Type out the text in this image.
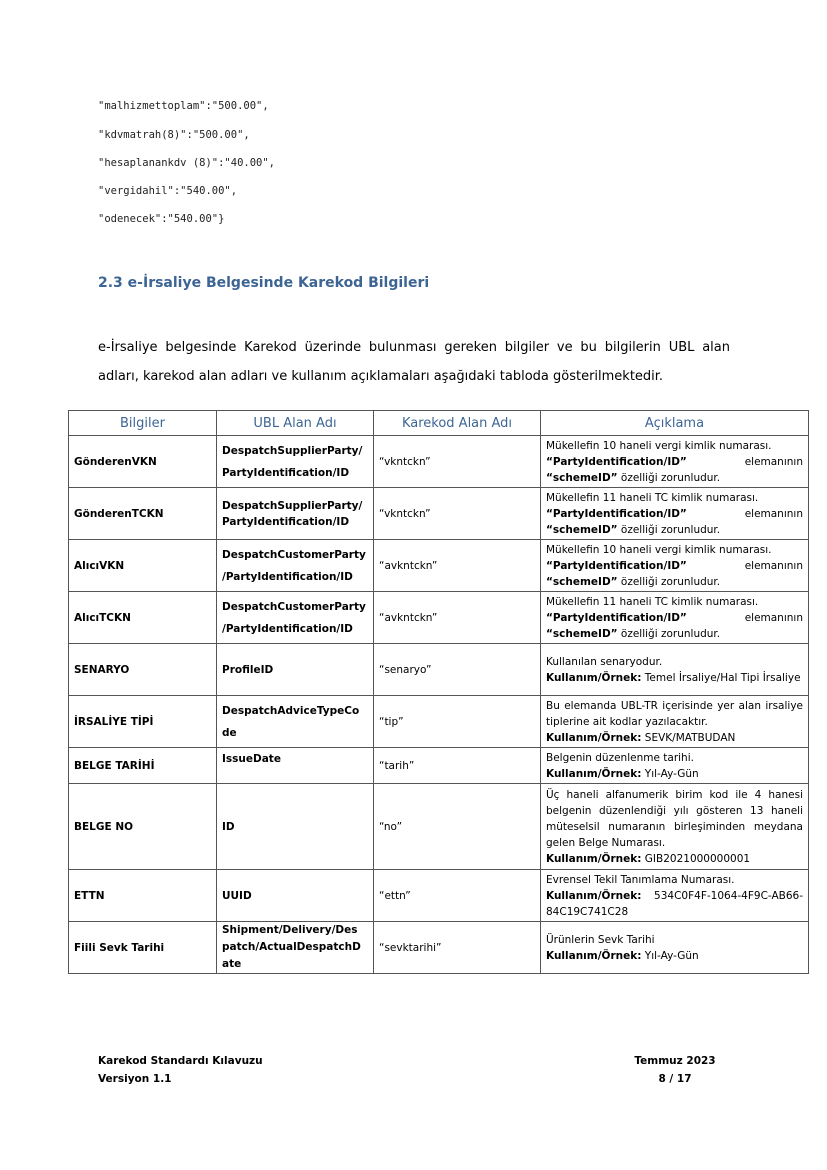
"malhizmettoplam":"500.00",
"kdvmatrah(8)":"500.00",
"hesaplanankdv (8)":"40.00",
"vergidahil":"540.00",
"odenecek":"540.00"}
2.3 e-İrsaliye Belgesinde Karekod Bilgileri
e-İrsaliye belgesinde Karekod üzerinde bulunması gereken bilgiler ve bu bilgilerin UBL alan adları, karekod alan adları ve kullanım açıklamaları aşağıdaki tabloda gösterilmektedir.
Bilgiler	UBL Alan Adı	Karekod Alan Adı	Açıklama
GönderenVKN	DespatchSupplierParty/ PartyIdentification/ID	“vkntckn”	Mükellefin 10 haneli vergi kimlik numarası.
“PartyIdentification/ID” elemanının
“schemeID” özelliği zorunludur.

GönderenTCKN	DespatchSupplierParty/ PartyIdentification/ID	“vkntckn”	Mükellefin 11 haneli TC kimlik numarası.
“PartyIdentification/ID” elemanının
“schemeID” özelliği zorunludur.

AlıcıVKN	DespatchCustomerParty /PartyIdentification/ID	“avkntckn”	Mükellefin 10 haneli vergi kimlik numarası.
“PartyIdentification/ID” elemanının
“schemeID” özelliği zorunludur.

AlıcıTCKN	DespatchCustomerParty /PartyIdentification/ID	“avkntckn”	Mükellefin 11 haneli TC kimlik numarası.
“PartyIdentification/ID” elemanının
“schemeID” özelliği zorunludur.

SENARYO	ProfileID	“senaryo”	Kullanılan senaryodur.
Kullanım/Örnek: Temel İrsaliye/Hal Tipi İrsaliye

İRSALİYE TİPİ	DespatchAdviceTypeCo de	“tip”	Bu elemanda UBL-TR içerisinde yer alan irsaliye tiplerine ait kodlar yazılacaktır.
Kullanım/Örnek: SEVK/MATBUDAN

BELGE TARİHİ	IssueDate	“tarih”	Belgenin düzenlenme tarihi.
Kullanım/Örnek: Yıl-Ay-Gün

BELGE NO	ID	“no”	Üç haneli alfanumerik birim kod ile 4 hanesi belgenin düzenlendiği yılı gösteren 13 haneli müteselsil numaranın birleşiminden meydana gelen Belge Numarası.
Kullanım/Örnek: GIB2021000000001

ETTN	UUID	“ettn”	Evrensel Tekil Tanımlama Numarası.
Kullanım/Örnek: 534C0F4F-1064-4F9C-AB66-84C19C741C28

Fiili Sevk Tarihi	Shipment/Delivery/Des patch/ActualDespatchD ate	“sevktarihi”	Ürünlerin Sevk Tarihi
Kullanım/Örnek: Yıl-Ay-Gün
Karekod Standardı Kılavuzu
Versiyon 1.1
Temmuz 2023
8 / 17
